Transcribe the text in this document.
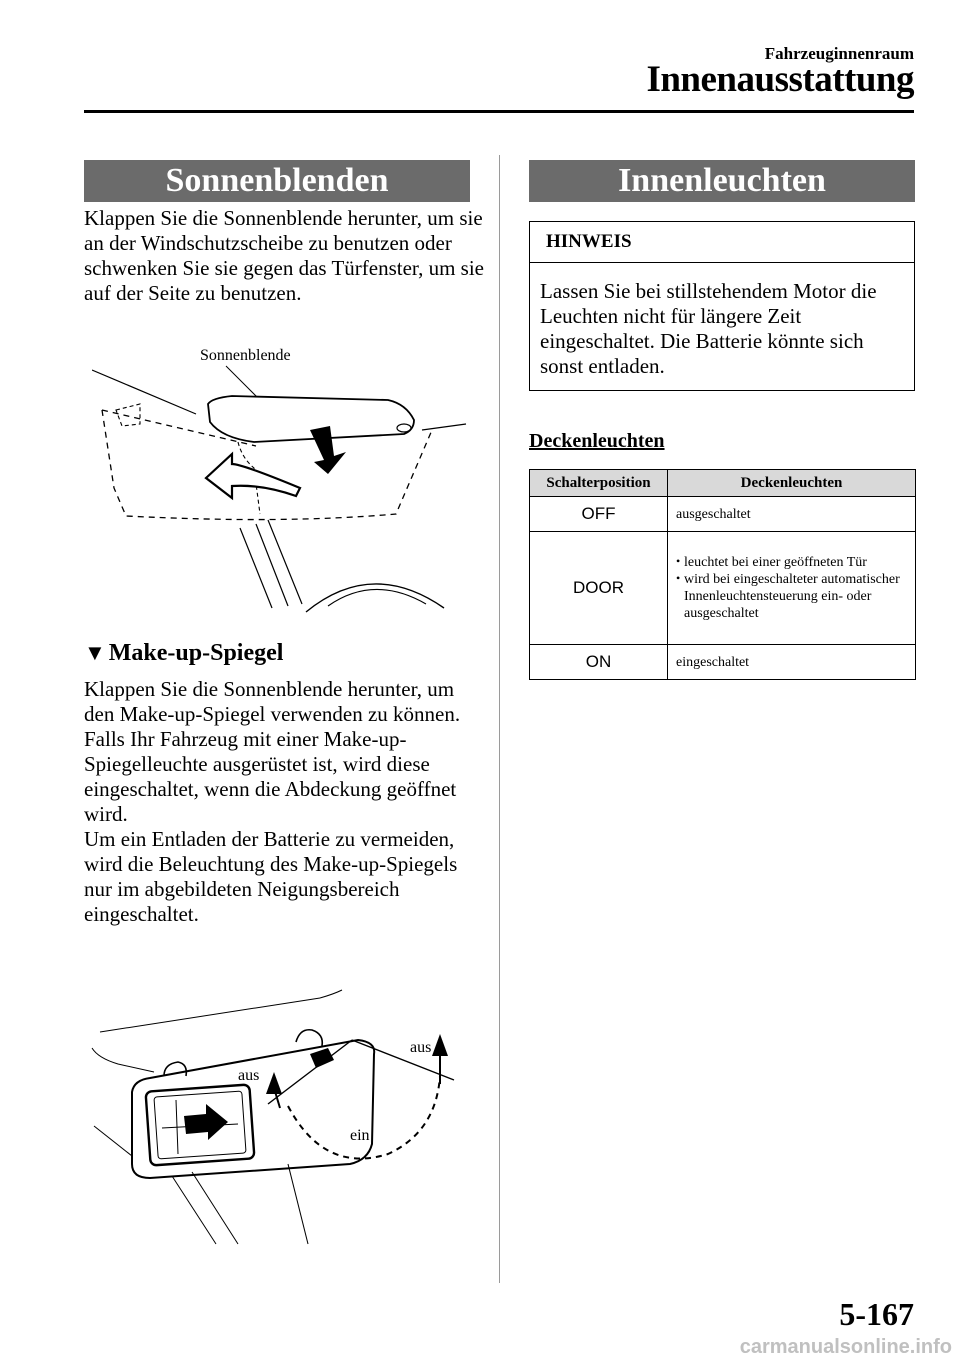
Fahrzeuginnenraum
Innenausstattung
Sonnenblenden
Klappen Sie die Sonnenblende herunter, um sie an der Windschutzscheibe zu benutzen oder schwenken Sie sie gegen das Türfenster, um sie auf der Seite zu benutzen.
Sonnenblende
▼ Make-up-Spiegel
Klappen Sie die Sonnenblende herunter, um den Make-up-Spiegel verwenden zu können.
Falls Ihr Fahrzeug mit einer Make-up-Spiegelleuchte ausgerüstet ist, wird diese eingeschaltet, wenn die Abdeckung geöffnet wird.
Um ein Entladen der Batterie zu vermeiden, wird die Beleuchtung des Make-up-Spiegels nur im abgebildeten Neigungsbereich eingeschaltet.
aus
aus
ein
Innenleuchten
HINWEIS
Lassen Sie bei stillstehendem Motor die Leuchten nicht für längere Zeit eingeschaltet. Die Batterie könnte sich sonst entladen.
Deckenleuchten
Schalterposition	Deckenleuchten
OFF	ausgeschaltet
DOOR	• leuchtet bei einer geöffneten Tür
• wird bei eingeschalteter automatischer Innenleuchtensteuerung ein- oder ausgeschaltet

ON	eingeschaltet
5-167
carmanualsonline.info
